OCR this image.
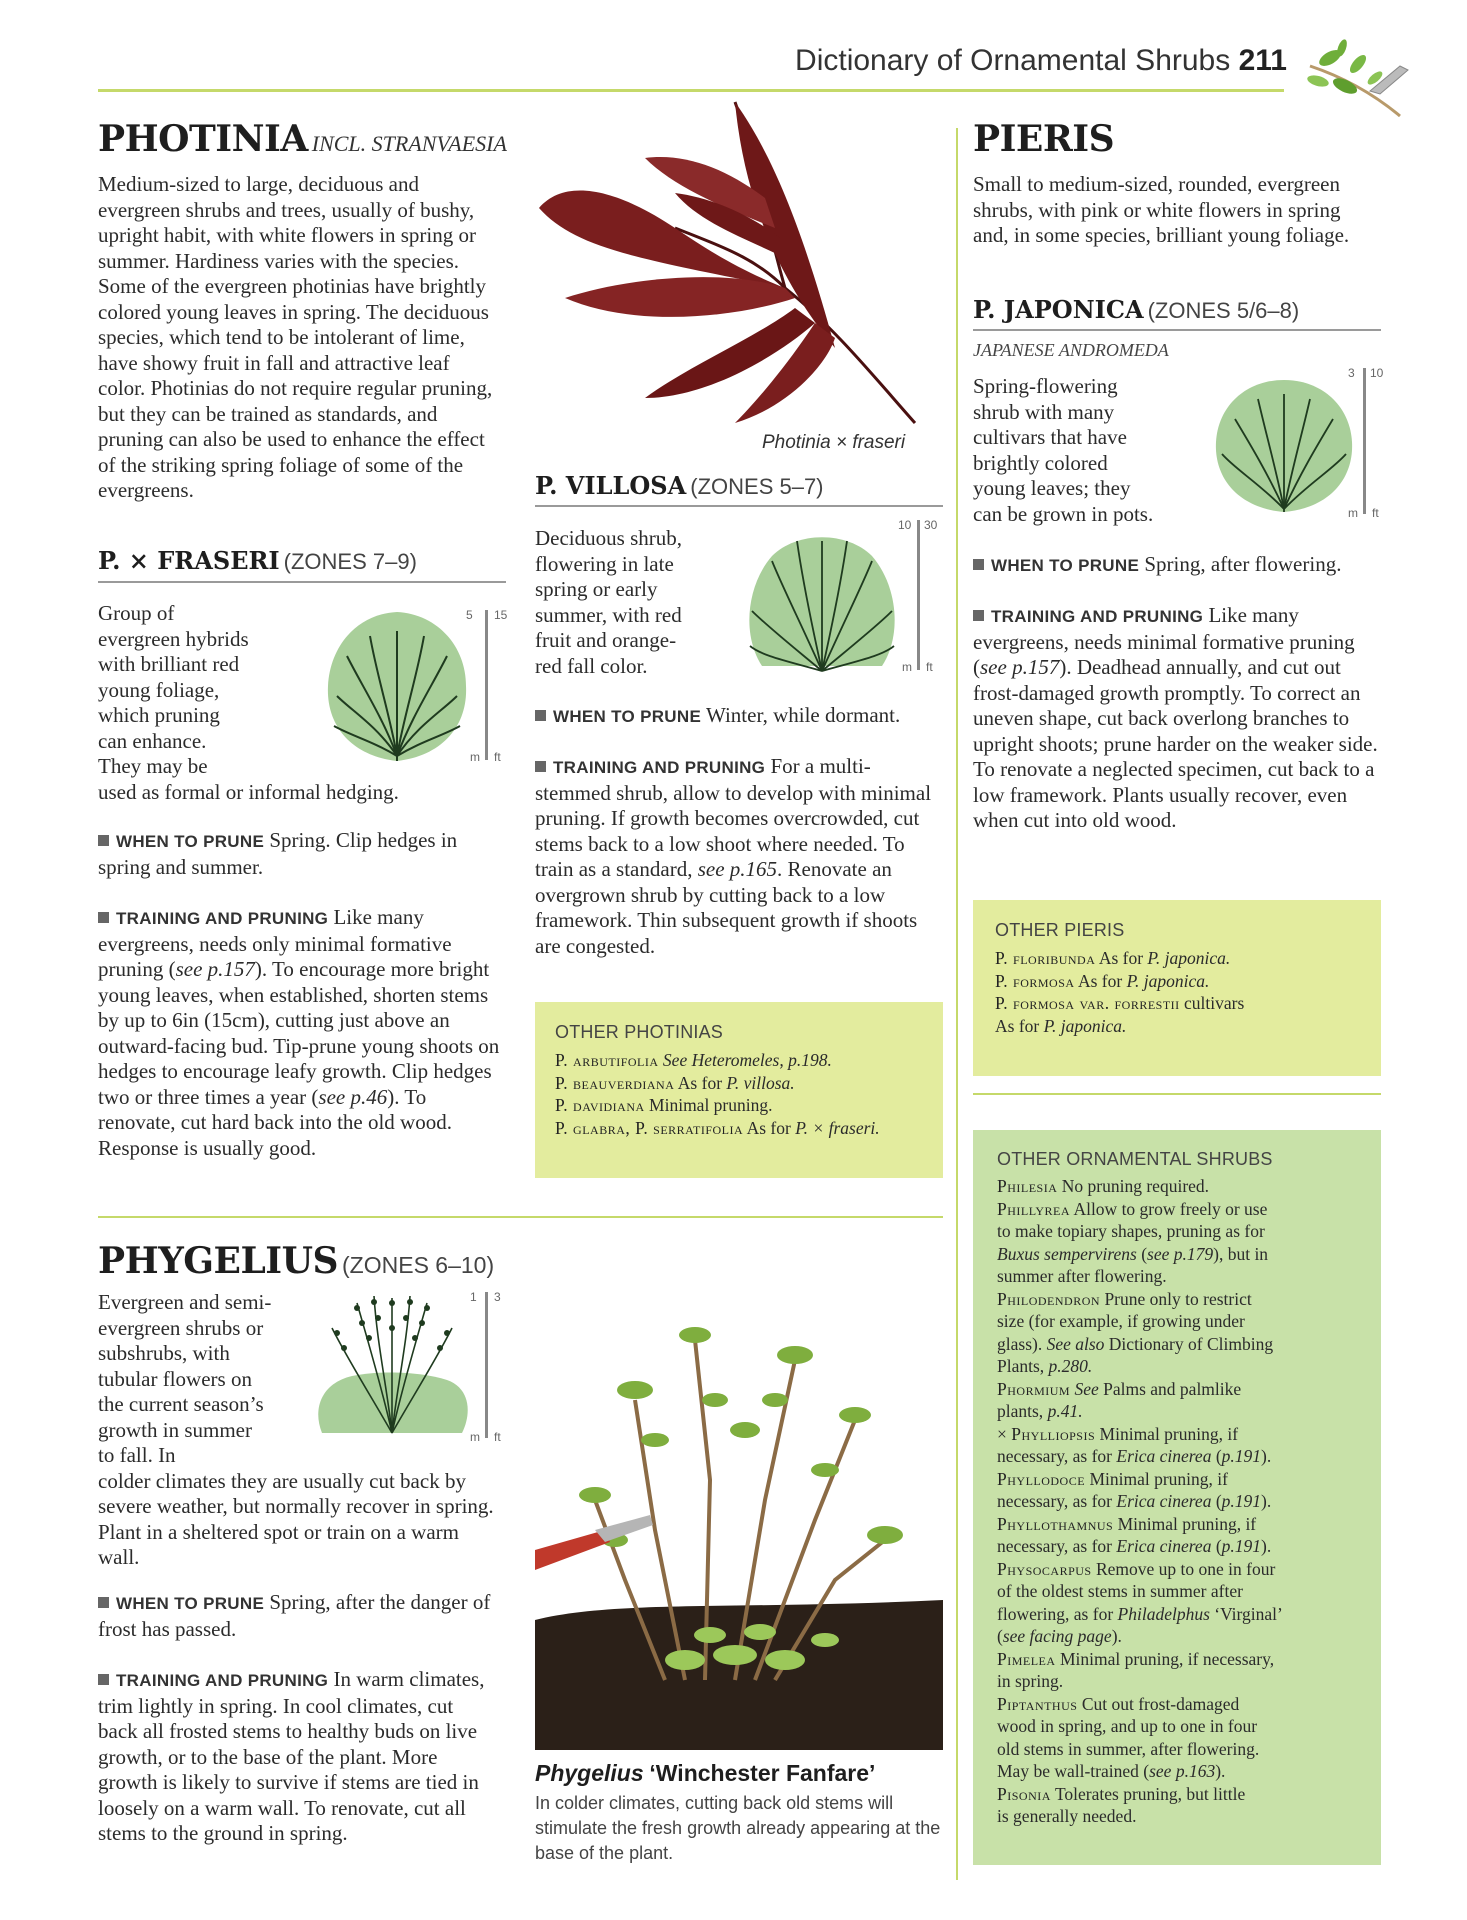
Dictionary of Ornamental Shrubs 211
PHOTINIA INCL. STRANVAESIA
Medium-sized to large, deciduous and evergreen shrubs and trees, usually of bushy, upright habit, with white flowers in spring or summer. Hardiness varies with the species. Some of the evergreen photinias have brightly colored young leaves in spring. The deciduous species, which tend to be intolerant of lime, have showy fruit in fall and attractive leaf color. Photinias do not require regular pruning, but they can be trained as standards, and pruning can also be used to enhance the effect of the striking spring foliage of some of the evergreens.
P. × FRASERI (ZONES 7–9)
Group of
evergreen hybrids
with brilliant red
young foliage,
which pruning
can enhance.
They may be
used as formal or informal hedging.
5 15
m ft
WHEN TO PRUNE Spring. Clip hedges in spring and summer.
TRAINING AND PRUNING Like many evergreens, needs only minimal formative pruning (see p.157). To encourage more bright young leaves, when established, shorten stems by up to 6in (15cm), cutting just above an outward-facing bud. Tip-prune young shoots on hedges to encourage leafy growth. Clip hedges two or three times a year (see p.46). To renovate, cut hard back into the old wood. Response is usually good.
Photinia × fraseri
P. VILLOSA (ZONES 5–7)
Deciduous shrub,
flowering in late
spring or early
summer, with red
fruit and orange-
red fall color.
10 30
m ft
WHEN TO PRUNE Winter, while dormant.
TRAINING AND PRUNING For a multi-stemmed shrub, allow to develop with minimal pruning. If growth becomes overcrowded, cut stems back to a low shoot where needed. To train as a standard, see p.165. Renovate an overgrown shrub by cutting back to a low framework. Thin subsequent growth if shoots are congested.
OTHER PHOTINIAS
P. arbutifolia See Heteromeles, p.198.
P. beauverdiana As for P. villosa.
P. davidiana Minimal pruning.
P. glabra, P. serratifolia As for P. × fraseri.
PIERIS
Small to medium-sized, rounded, evergreen shrubs, with pink or white flowers in spring and, in some species, brilliant young foliage.
P. JAPONICA (ZONES 5/6–8)
JAPANESE ANDROMEDA
Spring-flowering
shrub with many
cultivars that have
brightly colored
young leaves; they
can be grown in pots.
3 10
m ft
WHEN TO PRUNE Spring, after flowering.
TRAINING AND PRUNING Like many evergreens, needs minimal formative pruning (see p.157). Deadhead annually, and cut out frost-damaged growth promptly. To correct an uneven shape, cut back overlong branches to upright shoots; prune harder on the weaker side. To renovate a neglected specimen, cut back to a low framework. Plants usually recover, even when cut into old wood.
OTHER PIERIS
P. floribunda As for P. japonica.
P. formosa As for P. japonica.
P. formosa var. forrestii cultivars
As for P. japonica.
OTHER ORNAMENTAL SHRUBS
Philesia No pruning required.
Phillyrea Allow to grow freely or use
to make topiary shapes, pruning as for
Buxus sempervirens (see p.179), but in
summer after flowering.
Philodendron Prune only to restrict
size (for example, if growing under
glass). See also Dictionary of Climbing
Plants, p.280.
Phormium See Palms and palmlike
plants, p.41.
× Phylliopsis Minimal pruning, if
necessary, as for Erica cinerea (p.191).
Phyllodoce Minimal pruning, if
necessary, as for Erica cinerea (p.191).
Phyllothamnus Minimal pruning, if
necessary, as for Erica cinerea (p.191).
Physocarpus Remove up to one in four
of the oldest stems in summer after
flowering, as for Philadelphus ‘Virginal’
(see facing page).
Pimelea Minimal pruning, if necessary,
in spring.
Piptanthus Cut out frost-damaged
wood in spring, and up to one in four
old stems in summer, after flowering.
May be wall-trained (see p.163).
Pisonia Tolerates pruning, but little
is generally needed.
PHYGELIUS (ZONES 6–10)
Evergreen and semi-
evergreen shrubs or
subshrubs, with
tubular flowers on
the current season’s
growth in summer
to fall. In
colder climates they are usually cut back by severe weather, but normally recover in spring. Plant in a sheltered spot or train on a warm wall.
1 3
m ft
WHEN TO PRUNE Spring, after the danger of frost has passed.
TRAINING AND PRUNING In warm climates, trim lightly in spring. In cool climates, cut back all frosted stems to healthy buds on live growth, or to the base of the plant. More growth is likely to survive if stems are tied in loosely on a warm wall. To renovate, cut all stems to the ground in spring.
Phygelius ‘Winchester Fanfare’
In colder climates, cutting back old stems will stimulate the fresh growth already appearing at the base of the plant.
